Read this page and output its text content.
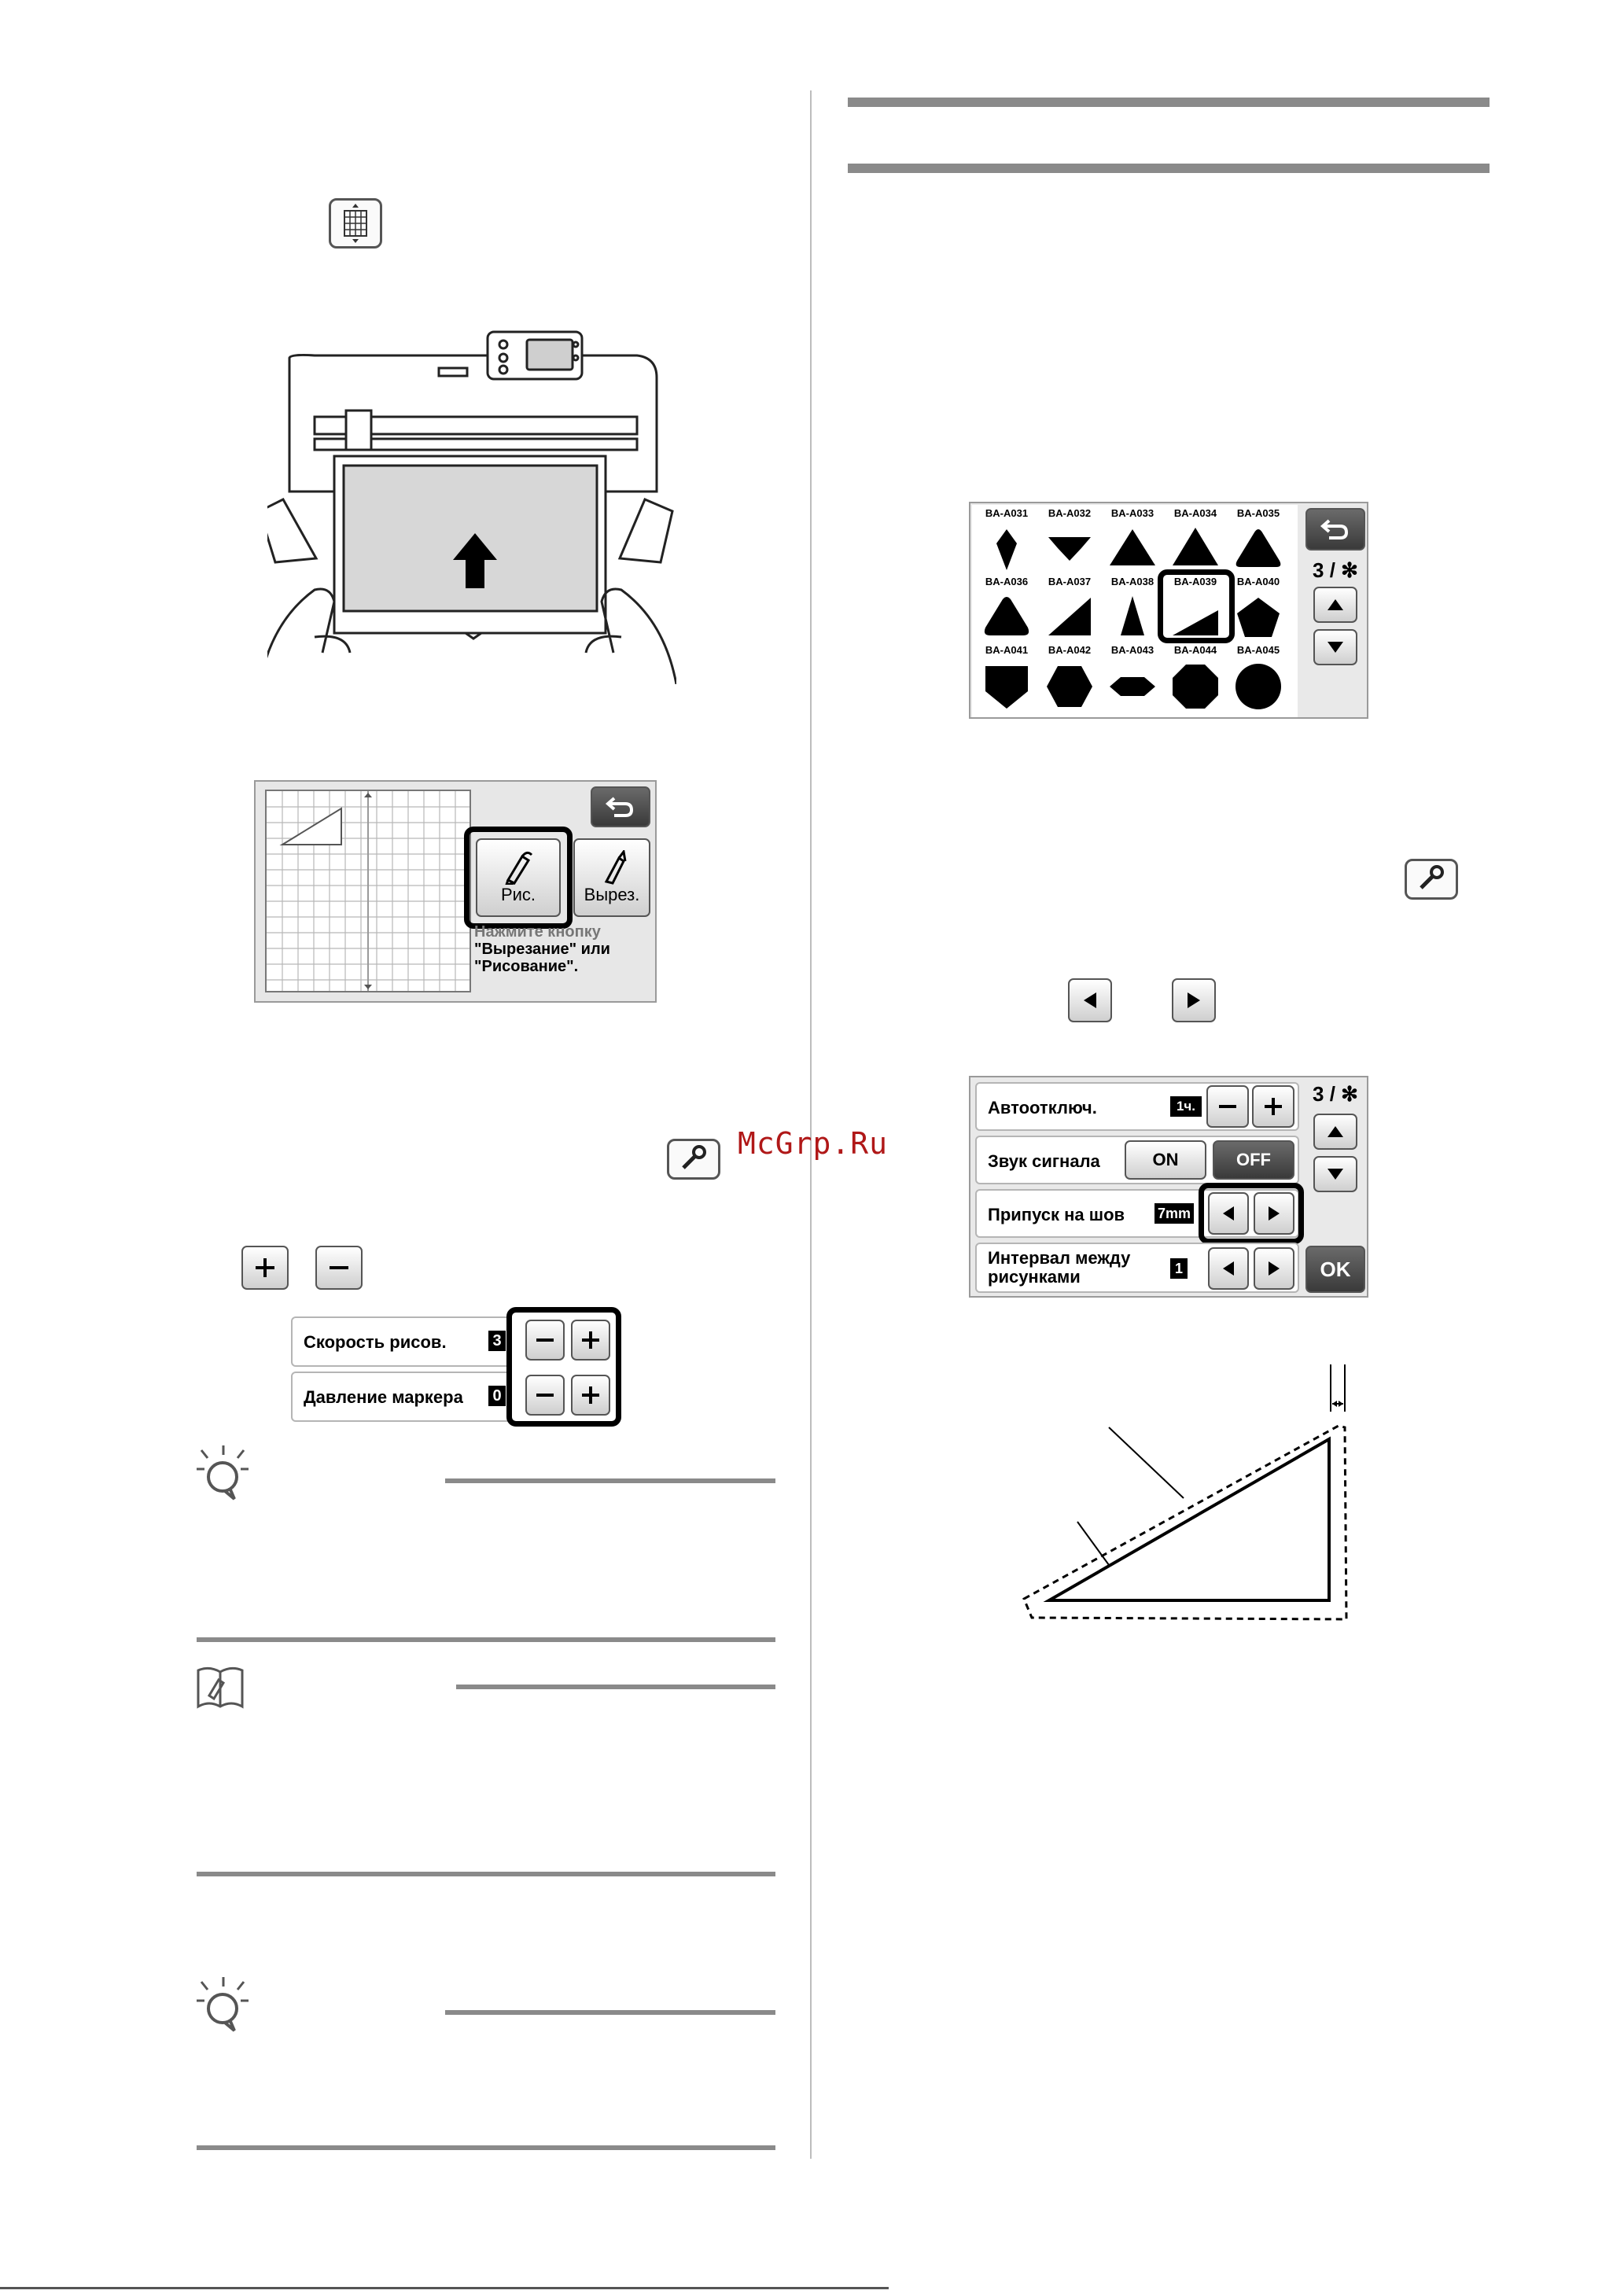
Рис.	Вырез.
Нажмите кнопку
"Вырезание" или
"Рисование".
Скорость рисов.	3
Давление маркера 0
McGrp.Ru
BA-A031	BA-A032	BA-A033	BA-A034	BA-A035
BA-A036	BA-A037	BA-A038	BA-A039	BA-A040
BA-A041	BA-A042	BA-A043	BA-A044	BA-A045
3 / ✻
Автоотключ.	1ч.
Звук сигнала	ON	OFF
Припуск на шов 7mm
Интервал между рисунками	1
3 / ✻
OK
